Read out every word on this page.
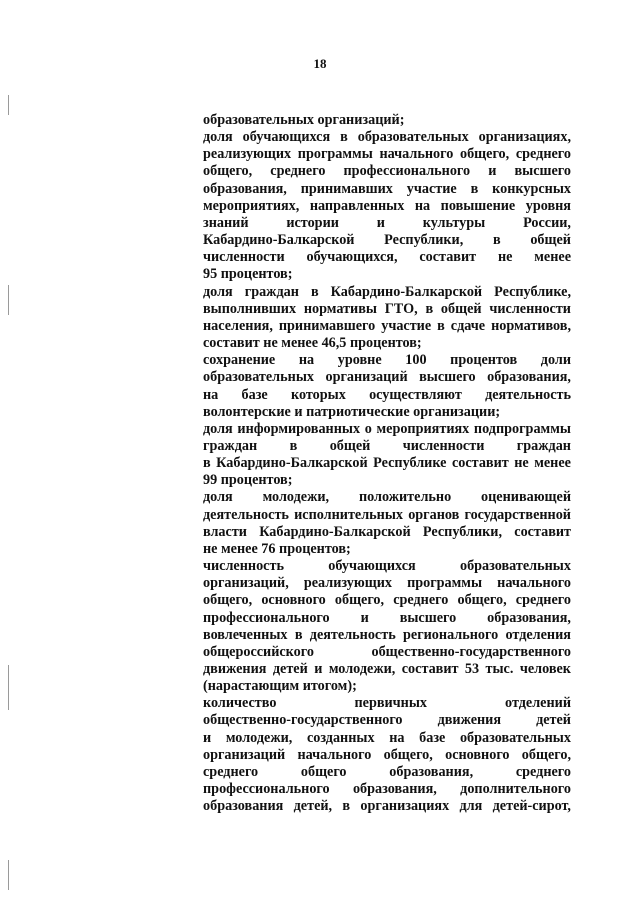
18
образовательных организаций;
доля обучающихся в образовательных организациях,
реализующих программы начального общего, среднего
общего, среднего профессионального и высшего
образования, принимавших участие в конкурсных
мероприятиях, направленных на повышение уровня
знаний	истории	и	культуры	России,
Кабардино-Балкарской Республики, в общей
численности обучающихся, составит не менее
95 процентов;
доля граждан в Кабардино-Балкарской Республике,
выполнивших нормативы ГТО, в общей численности
населения, принимавшего участие в сдаче нормативов,
составит не менее 46,5 процентов;
сохранение на уровне 100 процентов доли
образовательных организаций высшего образования,
на базе которых осуществляют деятельность
волонтерские и патриотические организации;
доля информированных о мероприятиях подпрограммы
граждан в общей численности граждан
в Кабардино-Балкарской Республике составит не менее
99 процентов;
доля молодежи, положительно оценивающей
деятельность исполнительных органов государственной
власти Кабардино-Балкарской Республики, составит
не менее 76 процентов;
численность	обучающихся	образовательных
организаций, реализующих программы начального
общего, основного общего, среднего общего, среднего
профессионального и высшего образования,
вовлеченных в деятельность регионального отделения
общероссийского	общественно-государственного
движения детей и молодежи, составит 53 тыс. человек
(нарастающим итогом);
количество	первичных	отделений
общественно-государственного движения детей
и молодежи, созданных на базе образовательных
организаций начального общего, основного общего,
среднего	общего	образования,	среднего
профессионального образования, дополнительного
образования детей, в организациях для детей-сирот,
